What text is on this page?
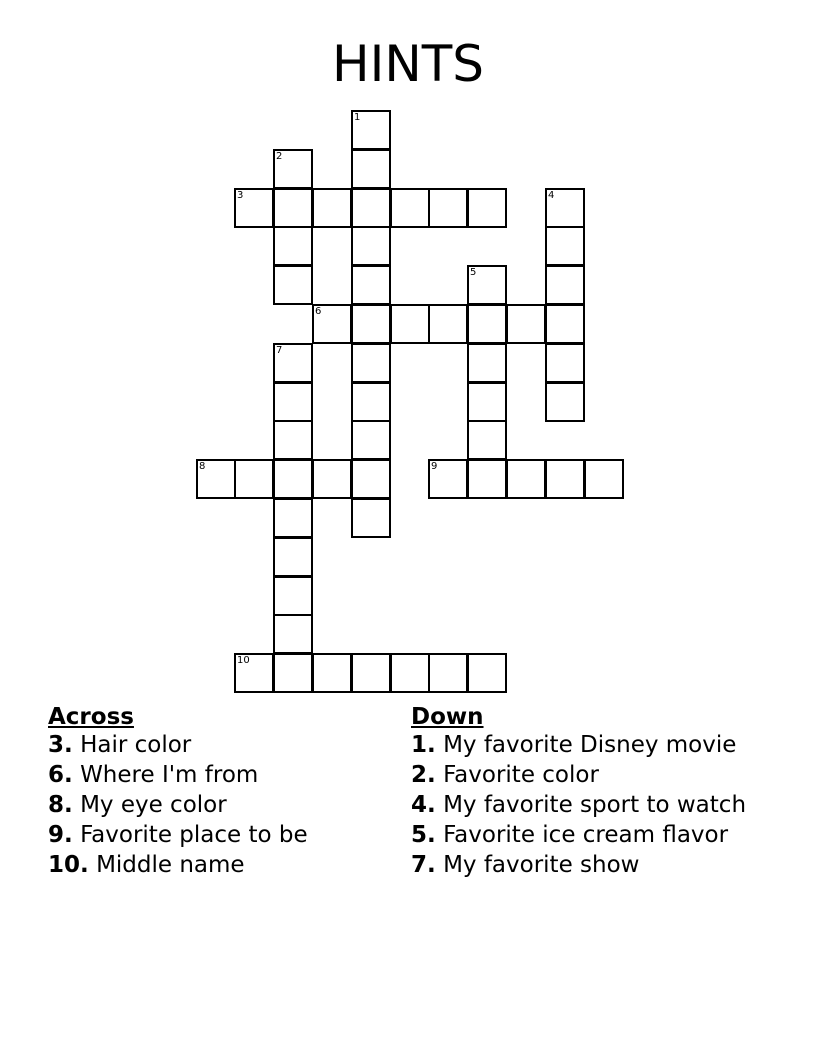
HINTS
1
2
3	4
5
6
7
8	9
10
Across

3. Hair color

6. Where I'm from

8. My eye color

9. Favorite place to be

10. Middle name

Down

1. My favorite Disney movie

2. Favorite color

4. My favorite sport to watch

5. Favorite ice cream flavor

7. My favorite show
